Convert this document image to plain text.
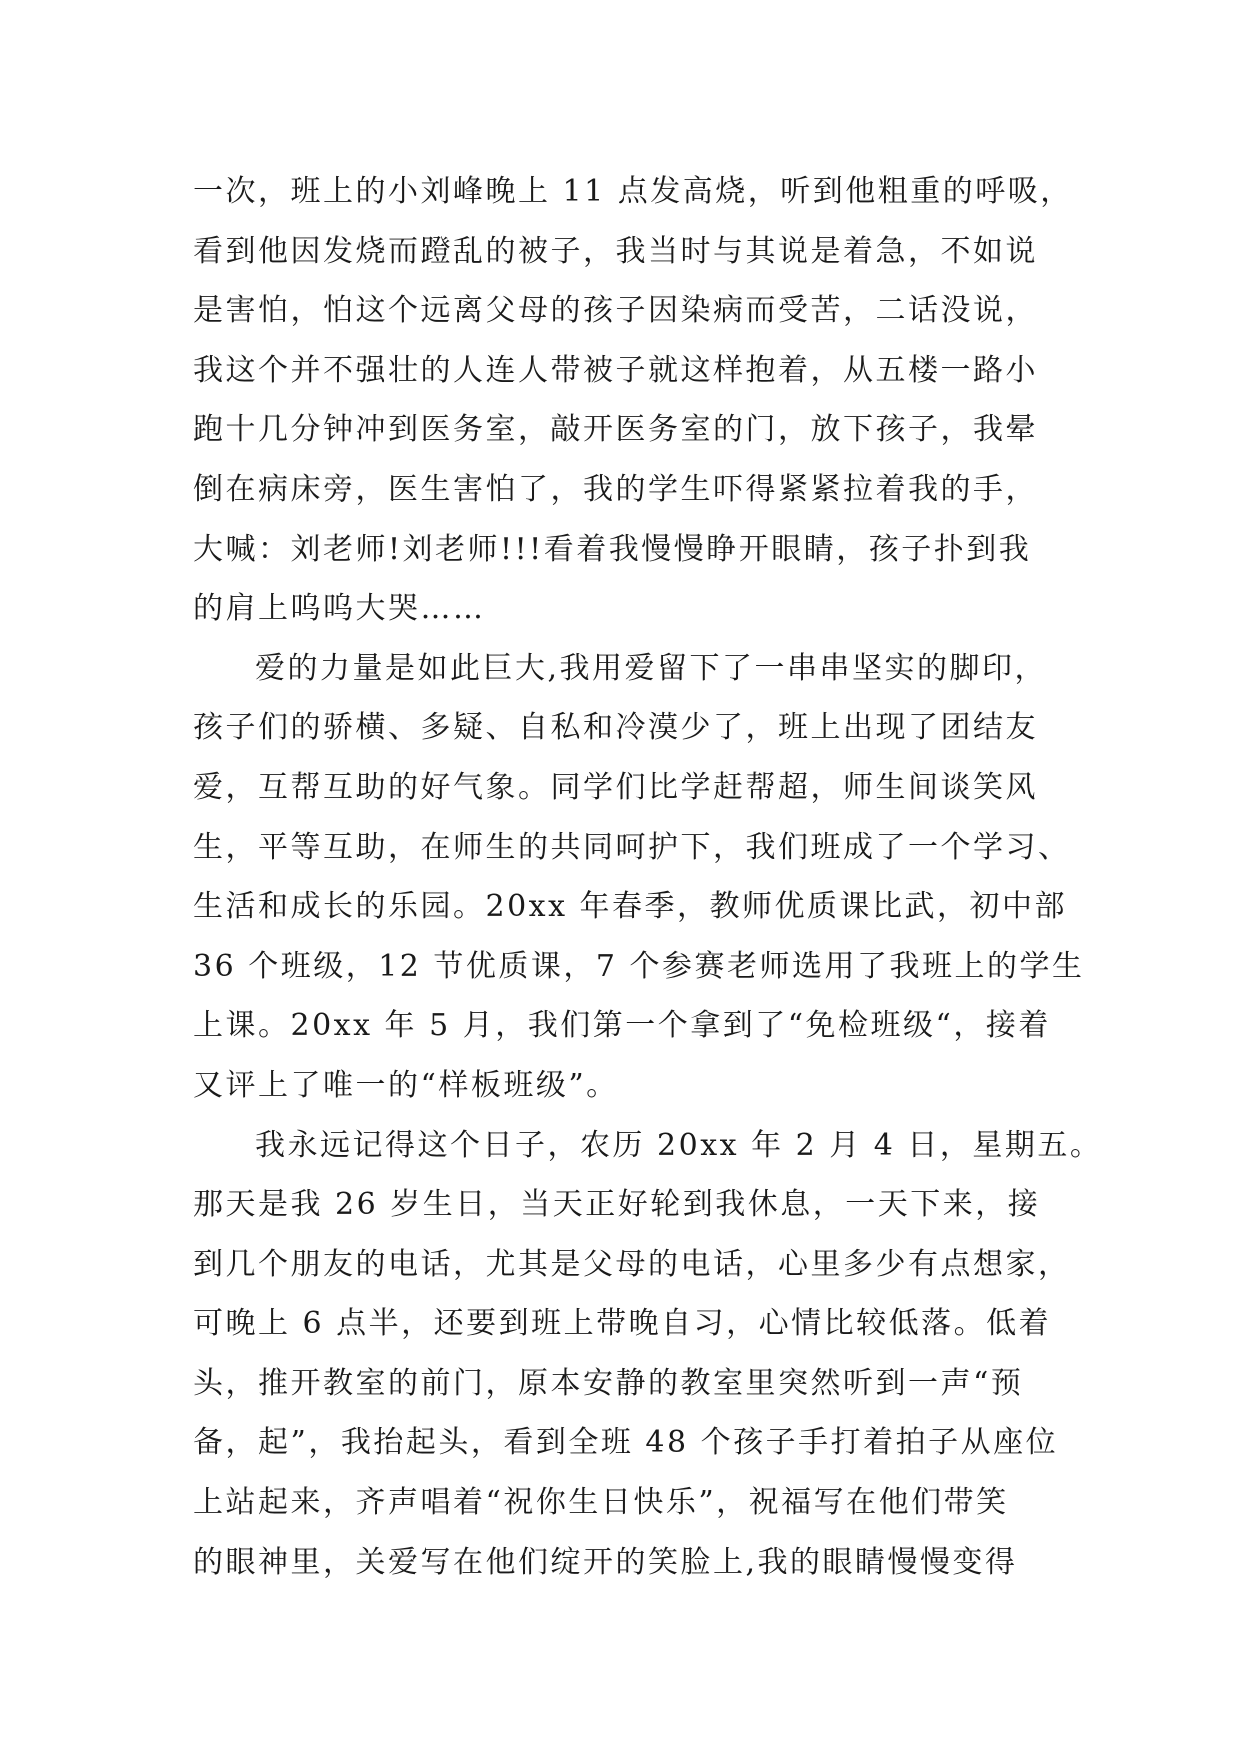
一次，班上的小刘峰晚上 11 点发高烧，听到他粗重的呼吸，
看到他因发烧而蹬乱的被子，我当时与其说是着急，不如说
是害怕，怕这个远离父母的孩子因染病而受苦，二话没说，
我这个并不强壮的人连人带被子就这样抱着，从五楼一路小
跑十几分钟冲到医务室，敲开医务室的门，放下孩子，我晕
倒在病床旁，医生害怕了，我的学生吓得紧紧拉着我的手，
大喊：刘老师!刘老师!!!看着我慢慢睁开眼睛，孩子扑到我
的肩上呜呜大哭……
爱的力量是如此巨大,我用爱留下了一串串坚实的脚印，
孩子们的骄横、多疑、自私和冷漠少了，班上出现了团结友
爱，互帮互助的好气象。同学们比学赶帮超，师生间谈笑风
生，平等互助，在师生的共同呵护下，我们班成了一个学习、
生活和成长的乐园。20xx 年春季，教师优质课比武，初中部
36 个班级，12 节优质课，7 个参赛老师选用了我班上的学生
上课。20xx 年 5 月，我们第一个拿到了“免检班级“，接着
又评上了唯一的“样板班级”。
我永远记得这个日子，农历 20xx 年 2 月 4 日，星期五。
那天是我 26 岁生日，当天正好轮到我休息，一天下来，接
到几个朋友的电话，尤其是父母的电话，心里多少有点想家，
可晚上 6 点半，还要到班上带晚自习，心情比较低落。低着
头，推开教室的前门，原本安静的教室里突然听到一声“预
备，起”，我抬起头，看到全班 48 个孩子手打着拍子从座位
上站起来，齐声唱着“祝你生日快乐”，祝福写在他们带笑
的眼神里，关爱写在他们绽开的笑脸上,我的眼睛慢慢变得
